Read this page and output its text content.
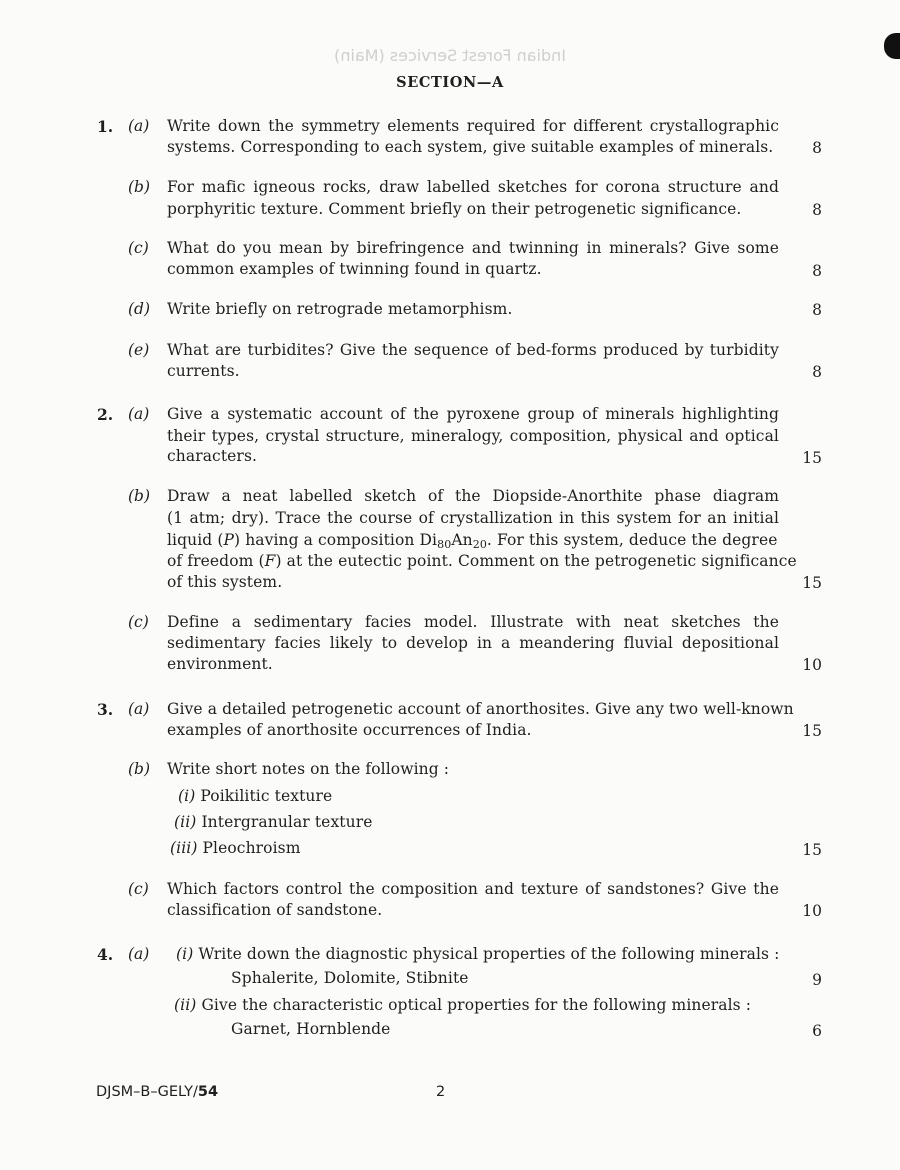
Indian Forest Services (Main)
SECTION—A
1. (a) Write down the symmetry elements required for different crystallographic
systems. Corresponding to each system, give suitable examples of minerals.	8
(b) For mafic igneous rocks, draw labelled sketches for corona structure and
porphyritic texture. Comment briefly on their petrogenetic significance.	8
(c) What do you mean by birefringence and twinning in minerals? Give some
common examples of twinning found in quartz.	8
(d) Write briefly on retrograde metamorphism.	8
(e) What are turbidites? Give the sequence of bed-forms produced by turbidity
currents.	8
2. (a) Give a systematic account of the pyroxene group of minerals highlighting
their types, crystal structure, mineralogy, composition, physical and optical
characters.	15
(b) Draw a neat labelled sketch of the Diopside-Anorthite phase diagram
(1 atm; dry). Trace the course of crystallization in this system for an initial
liquid (P) having a composition $Di_{80}An_{20}$. For this system, deduce the degree
of freedom (F) at the eutectic point. Comment on the petrogenetic significance
of this system.	15
(c) Define a sedimentary facies model. Illustrate with neat sketches the
sedimentary facies likely to develop in a meandering fluvial depositional
environment.	10
3. (a) Give a detailed petrogenetic account of anorthosites. Give any two well-known
examples of anorthosite occurrences of India.	15
(b) Write short notes on the following :
(i) Poikilitic texture
(ii) Intergranular texture
(iii) Pleochroism	15
(c) Which factors control the composition and texture of sandstones? Give the
classification of sandstone.	10
4. (a) (i) Write down the diagnostic physical properties of the following minerals :
Sphalerite, Dolomite, Stibnite	9
(ii) Give the characteristic optical properties for the following minerals :
Garnet, Hornblende	6
DJSM–B–GELY/54	2
